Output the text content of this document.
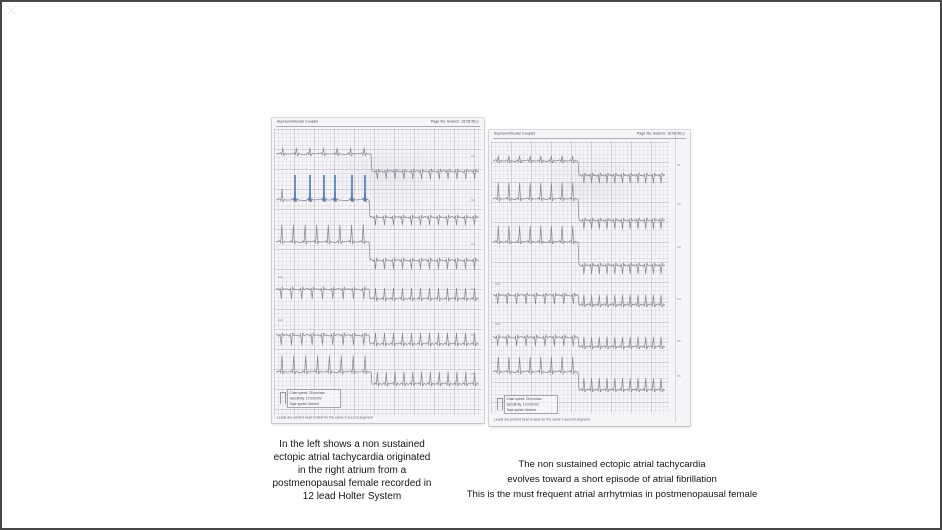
V1
V2
V3
V4
V5
V6
aVL
aVF
Supraventricular Couplet	Page No: Branch: 16:08:56 p
Chart speed: 25 mm/sec
Sensitivity: 10 mm/mV
Tape speed: Normal
Leads are printed beat to beat for the same 9 second segment
V1
V2
V3
V4
V5
V6
aVL
aVF
Supraventricular Couplet	Page No: Branch: 16:08:56 p
Chart speed: 25 mm/sec
Sensitivity: 10 mm/mV
Tape speed: Normal
Leads are printed beat to beat for the same 9 second segment
In the left shows a non sustained
ectopic atrial tachycardia originated
in the right atrium from a
postmenopausal female recorded in
12 lead Holter System
The non sustained ectopic atrial tachycardia
evolves toward a short episode of atrial fibrillation
This is the must frequent atrial arrhytmias in postmenopausal female
